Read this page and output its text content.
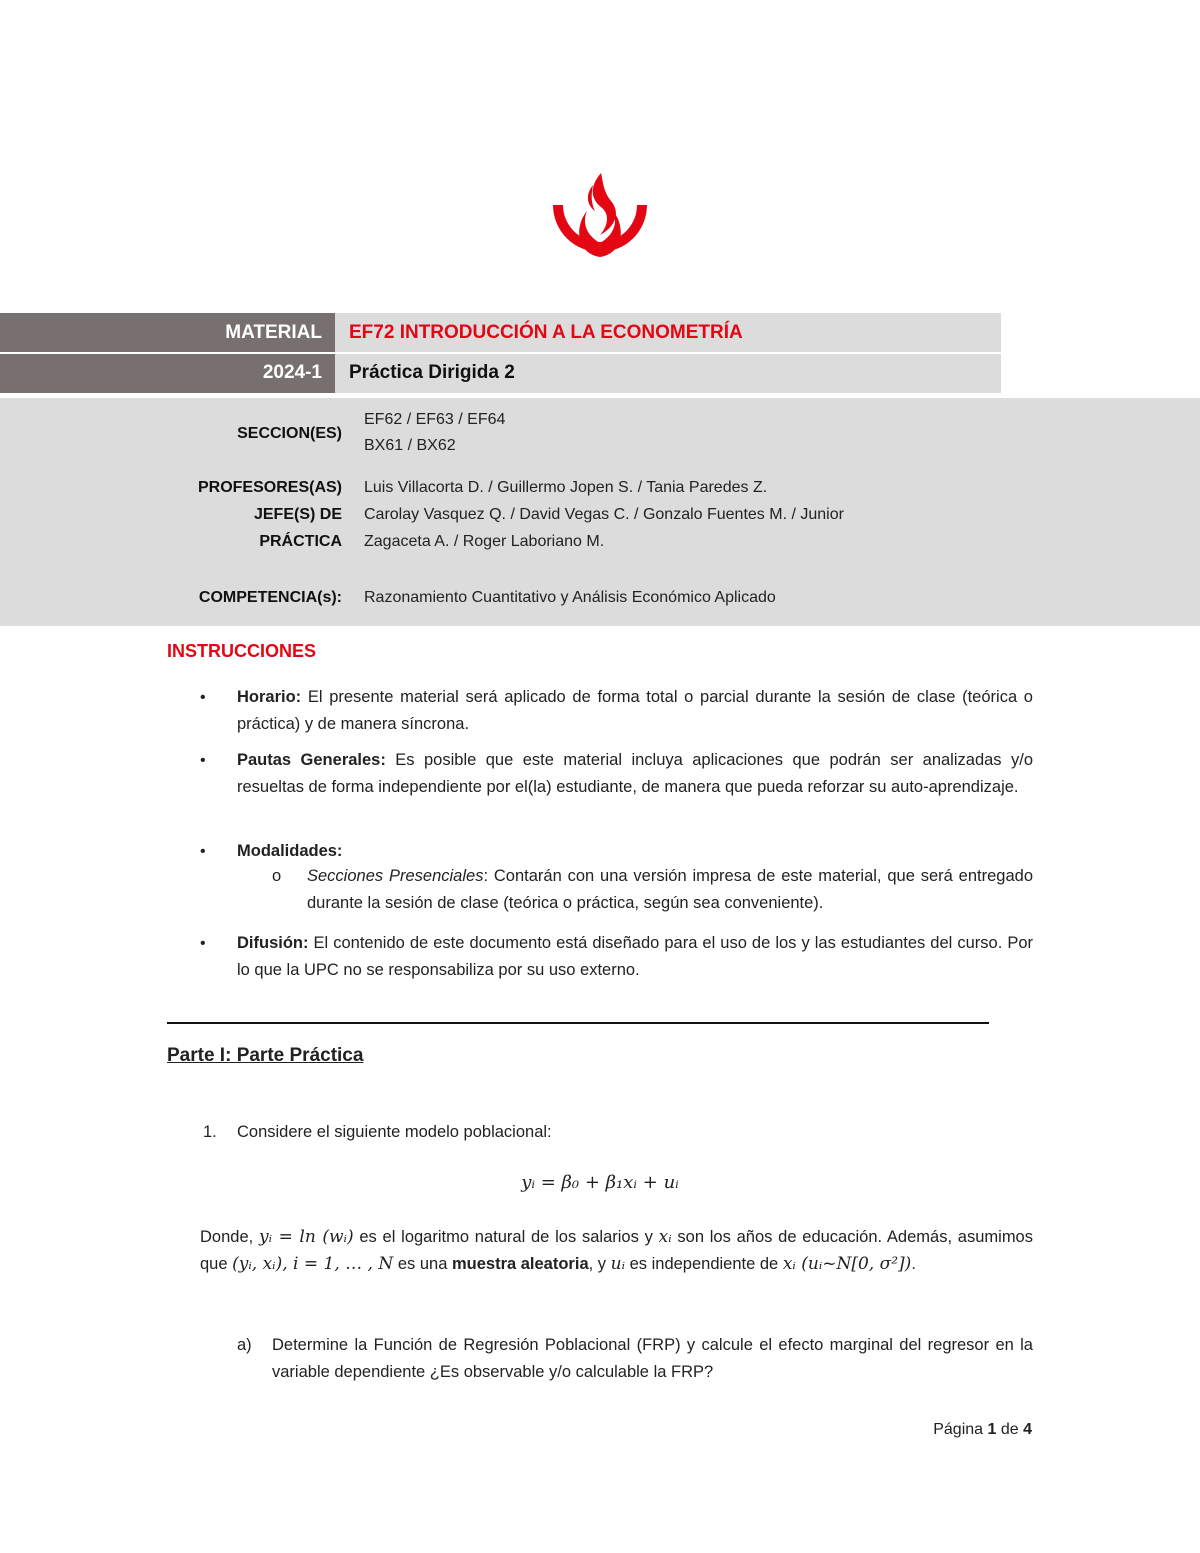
MATERIAL
2024-1
EF72 INTRODUCCIÓN A LA ECONOMETRÍA
Práctica Dirigida 2
SECCION(ES)
EF62 / EF63 / EF64
BX61 / BX62
PROFESORES(AS)
JEFE(S) DE
PRÁCTICA
Luis Villacorta D. / Guillermo Jopen S. / Tania Paredes Z.
Carolay Vasquez Q. / David Vegas C. / Gonzalo Fuentes M. / Junior
Zagaceta A. / Roger Laboriano M.
COMPETENCIA(s): Razonamiento Cuantitativo y Análisis Económico Aplicado
INSTRUCCIONES
• Horario: El presente material será aplicado de forma total o parcial durante la sesión de clase (teórica o práctica) y de manera síncrona.
• Pautas Generales: Es posible que este material incluya aplicaciones que podrán ser analizadas y/o resueltas de forma independiente por el(la) estudiante, de manera que pueda reforzar su auto-aprendizaje.
• Modalidades:
o Secciones Presenciales: Contarán con una versión impresa de este material, que será entregado durante la sesión de clase (teórica o práctica, según sea conveniente).
• Difusión: El contenido de este documento está diseñado para el uso de los y las estudiantes del curso. Por lo que la UPC no se responsabiliza por su uso externo.
Parte I: Parte Práctica
1. Considere el siguiente modelo poblacional:
yᵢ = β₀ + β₁xᵢ + uᵢ
Donde, yᵢ = ln (wᵢ) es el logaritmo natural de los salarios y xᵢ son los años de educación. Además, asumimos que (yᵢ, xᵢ), i = 1, … , N es una muestra aleatoria, y uᵢ es independiente de xᵢ (uᵢ~N[0, σ²]).
a) Determine la Función de Regresión Poblacional (FRP) y calcule el efecto marginal del regresor en la variable dependiente ¿Es observable y/o calculable la FRP?
Página 1 de 4
